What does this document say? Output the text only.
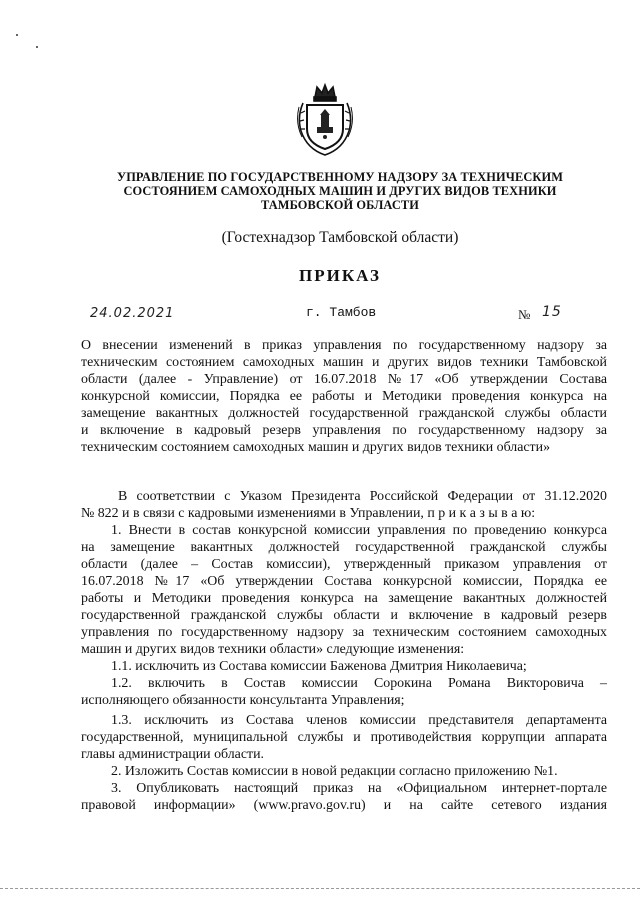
УПРАВЛЕНИЕ ПО ГОСУДАРСТВЕННОМУ НАДЗОРУ ЗА ТЕХНИЧЕСКИМ
СОСТОЯНИЕМ САМОХОДНЫХ МАШИН И ДРУГИХ ВИДОВ ТЕХНИКИ
ТАМБОВСКОЙ ОБЛАСТИ
(Гостехнадзор Тамбовской области)
ПРИКАЗ
24.02.2021	г. Тамбов	№ 15
О внесении изменений в приказ управления по государственному надзору за
техническим состоянием самоходных машин и других видов техники Тамбовской
области (далее - Управление) от 16.07.2018 №17 «Об утверждении Состава
конкурсной комиссии, Порядка ее работы и Методики проведения конкурса на
замещение вакантных должностей государственной гражданской службы области
и включение в кадровый резерв управления по государственному надзору за
техническим состоянием самоходных машин и других видов техники области»
В соответствии с Указом Президента Российской Федерации от 31.12.2020
№ 822 и в связи с кадровыми изменениями в Управлении, п р и к а з ы в а ю:
1. Внести в состав конкурсной комиссии управления по проведению конкурса
на замещение вакантных должностей государственной гражданской службы
области (далее – Состав комиссии), утвержденный приказом управления от
16.07.2018 №17 «Об утверждении Состава конкурсной комиссии, Порядка ее
работы и Методики проведения конкурса на замещение вакантных должностей
государственной гражданской службы области и включение в кадровый резерв
управления по государственному надзору за техническим состоянием самоходных
машин и других видов техники области» следующие изменения:
1.1. исключить из Состава комиссии Баженова Дмитрия Николаевича;
1.2. включить в Состав комиссии Сорокина Романа Викторовича –
исполняющего обязанности консультанта Управления;
1.3. исключить из Состава членов комиссии представителя департамента
государственной, муниципальной службы и противодействия коррупции аппарата
главы администрации области.
2. Изложить Состав комиссии в новой редакции согласно приложению №1.
3. Опубликовать настоящий приказ на «Официальном интернет-портале
правовой информации» (www.pravo.gov.ru) и на сайте сетевого издания
